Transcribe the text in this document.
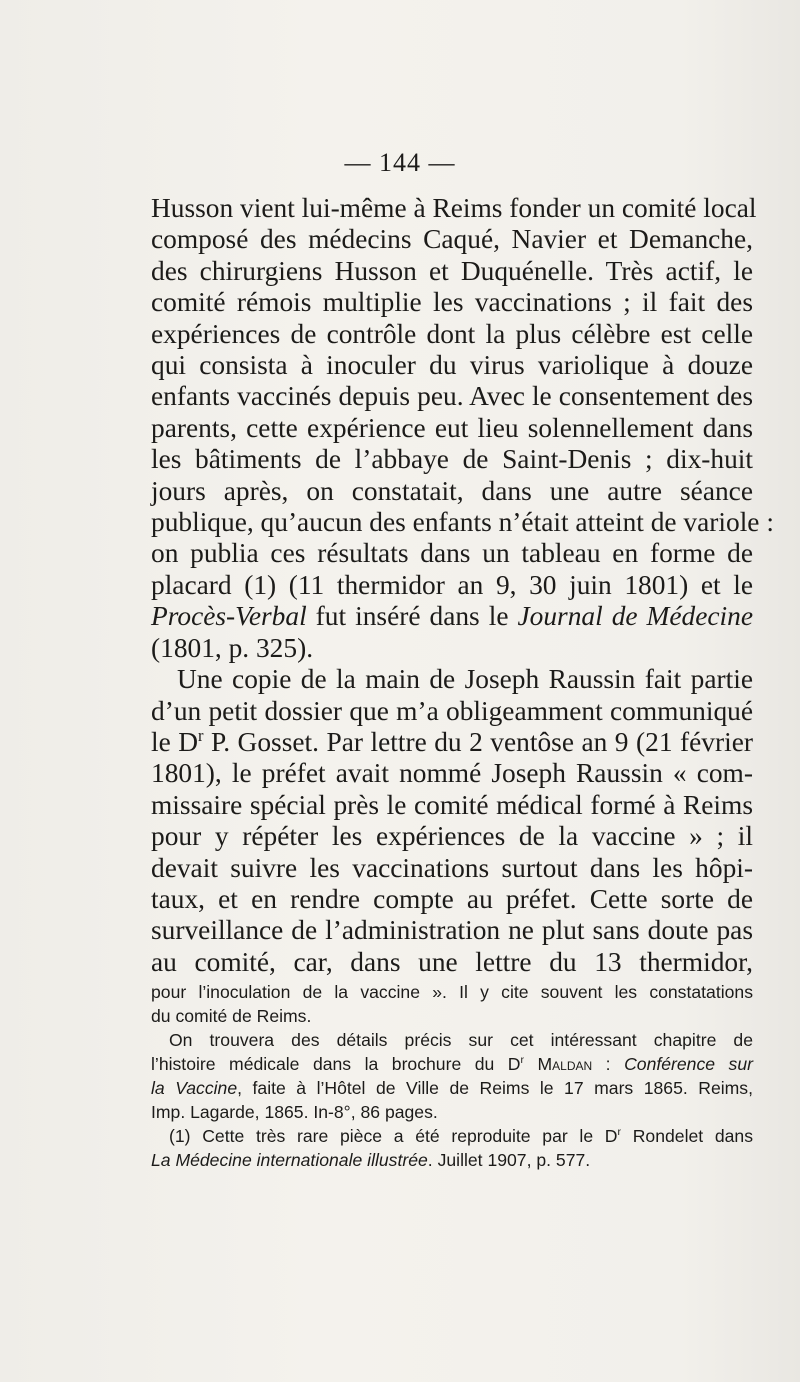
— 144 —
Husson vient lui-même à Reims fonder un comité local
composé des médecins Caqué, Navier et Demanche,
des chirurgiens Husson et Duquénelle. Très actif, le
comité rémois multiplie les vaccinations ; il fait des
expériences de contrôle dont la plus célèbre est celle
qui consista à inoculer du virus variolique à douze
enfants vaccinés depuis peu. Avec le consentement des
parents, cette expérience eut lieu solennellement dans
les bâtiments de l’abbaye de Saint-Denis ; dix-huit
jours après, on constatait, dans une autre séance
publique, qu’aucun des enfants n’était atteint de variole :
on publia ces résultats dans un tableau en forme de
placard (1) (11 thermidor an 9, 30 juin 1801) et le
Procès-Verbal fut inséré dans le Journal de Médecine
(1801, p. 325).
Une copie de la main de Joseph Raussin fait partie
d’un petit dossier que m’a obligeamment communiqué
le $D^r$ P. Gosset. Par lettre du 2 ventôse an 9 (21 février
1801), le préfet avait nommé Joseph Raussin « com-
missaire spécial près le comité médical formé à Reims
pour y répéter les expériences de la vaccine » ; il
devait suivre les vaccinations surtout dans les hôpi-
taux, et en rendre compte au préfet. Cette sorte de
surveillance de l’administration ne plut sans doute pas
au comité, car, dans une lettre du 13 thermidor,
pour l’inoculation de la vaccine ». Il y cite souvent les constatations
du comité de Reims.
On trouvera des détails précis sur cet intéressant chapitre de
l’histoire médicale dans la brochure du $D^r$ Maldan : Conférence sur
la Vaccine, faite à l’Hôtel de Ville de Reims le 17 mars 1865. Reims,
Imp. Lagarde, 1865. In-8°, 86 pages.
(1) Cette très rare pièce a été reproduite par le $D^r$ Rondelet dans
La Médecine internationale illustrée. Juillet 1907, p. 577.
